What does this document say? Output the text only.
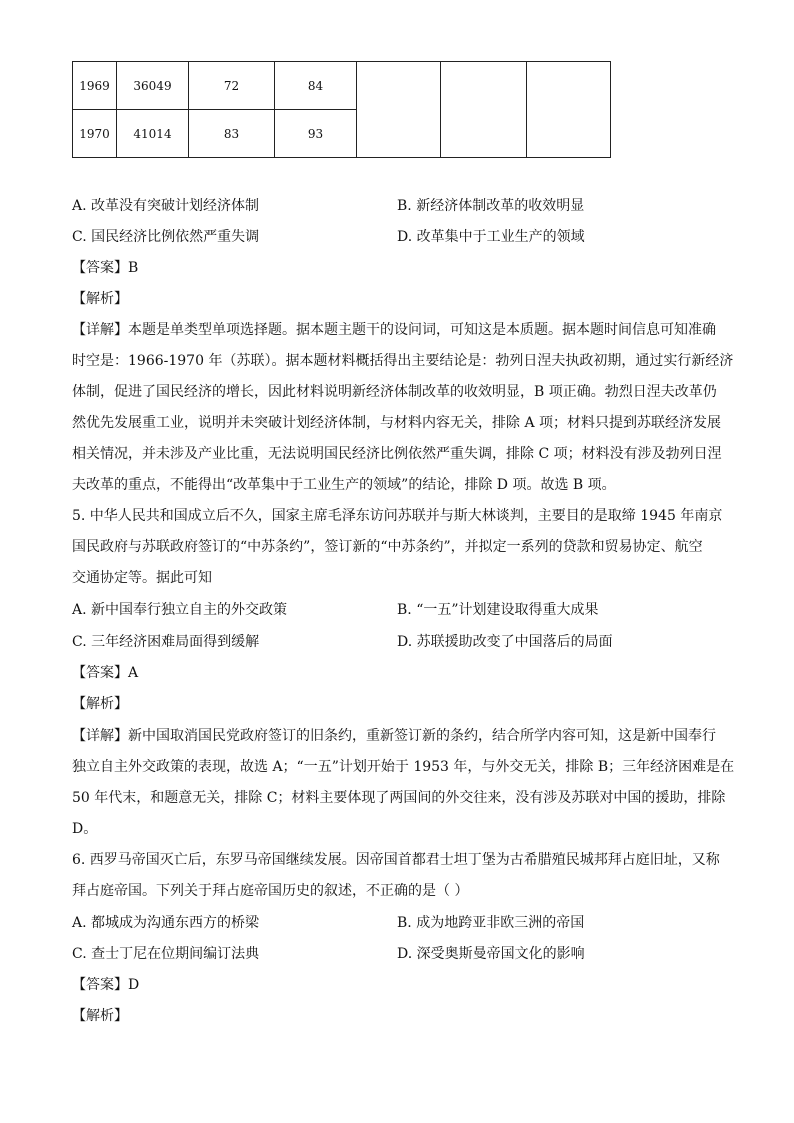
1969	36049	72	84			
1970	41014	83	93			
A. 改革没有突破计划经济体制	B. 新经济体制改革的收效明显
C. 国民经济比例依然严重失调	D. 改革集中于工业生产的领域
【答案】B
【解析】
【详解】本题是单类型单项选择题。据本题主题干的设问词，可知这是本质题。据本题时间信息可知准确
时空是：1966-1970 年（苏联）。据本题材料概括得出主要结论是：勃列日涅夫执政初期，通过实行新经济
体制，促进了国民经济的增长，因此材料说明新经济体制改革的收效明显，B 项正确。勃烈日涅夫改革仍
然优先发展重工业，说明并未突破计划经济体制，与材料内容无关，排除 A 项；材料只提到苏联经济发展
相关情况，并未涉及产业比重，无法说明国民经济比例依然严重失调，排除 C 项；材料没有涉及勃列日涅
夫改革的重点，不能得出“改革集中于工业生产的领域”的结论，排除 D 项。故选 B 项。
5. 中华人民共和国成立后不久，国家主席毛泽东访问苏联并与斯大林谈判，主要目的是取缔 1945 年南京
国民政府与苏联政府签订的“中苏条约”，签订新的“中苏条约”，并拟定一系列的贷款和贸易协定、航空
交通协定等。据此可知
A. 新中国奉行独立自主的外交政策	B. “一五”计划建设取得重大成果
C. 三年经济困难局面得到缓解	D. 苏联援助改变了中国落后的局面
【答案】A
【解析】
【详解】新中国取消国民党政府签订的旧条约，重新签订新的条约，结合所学内容可知，这是新中国奉行
独立自主外交政策的表现，故选 A；“一五”计划开始于 1953 年，与外交无关，排除 B；三年经济困难是在
50 年代末，和题意无关，排除 C；材料主要体现了两国间的外交往来，没有涉及苏联对中国的援助，排除
D。
6. 西罗马帝国灭亡后，东罗马帝国继续发展。因帝国首都君士坦丁堡为古希腊殖民城邦拜占庭旧址，又称
拜占庭帝国。下列关于拜占庭帝国历史的叙述，不正确的是（ ）
A. 都城成为沟通东西方的桥梁	B. 成为地跨亚非欧三洲的帝国
C. 查士丁尼在位期间编订法典	D. 深受奥斯曼帝国文化的影响
【答案】D
【解析】
